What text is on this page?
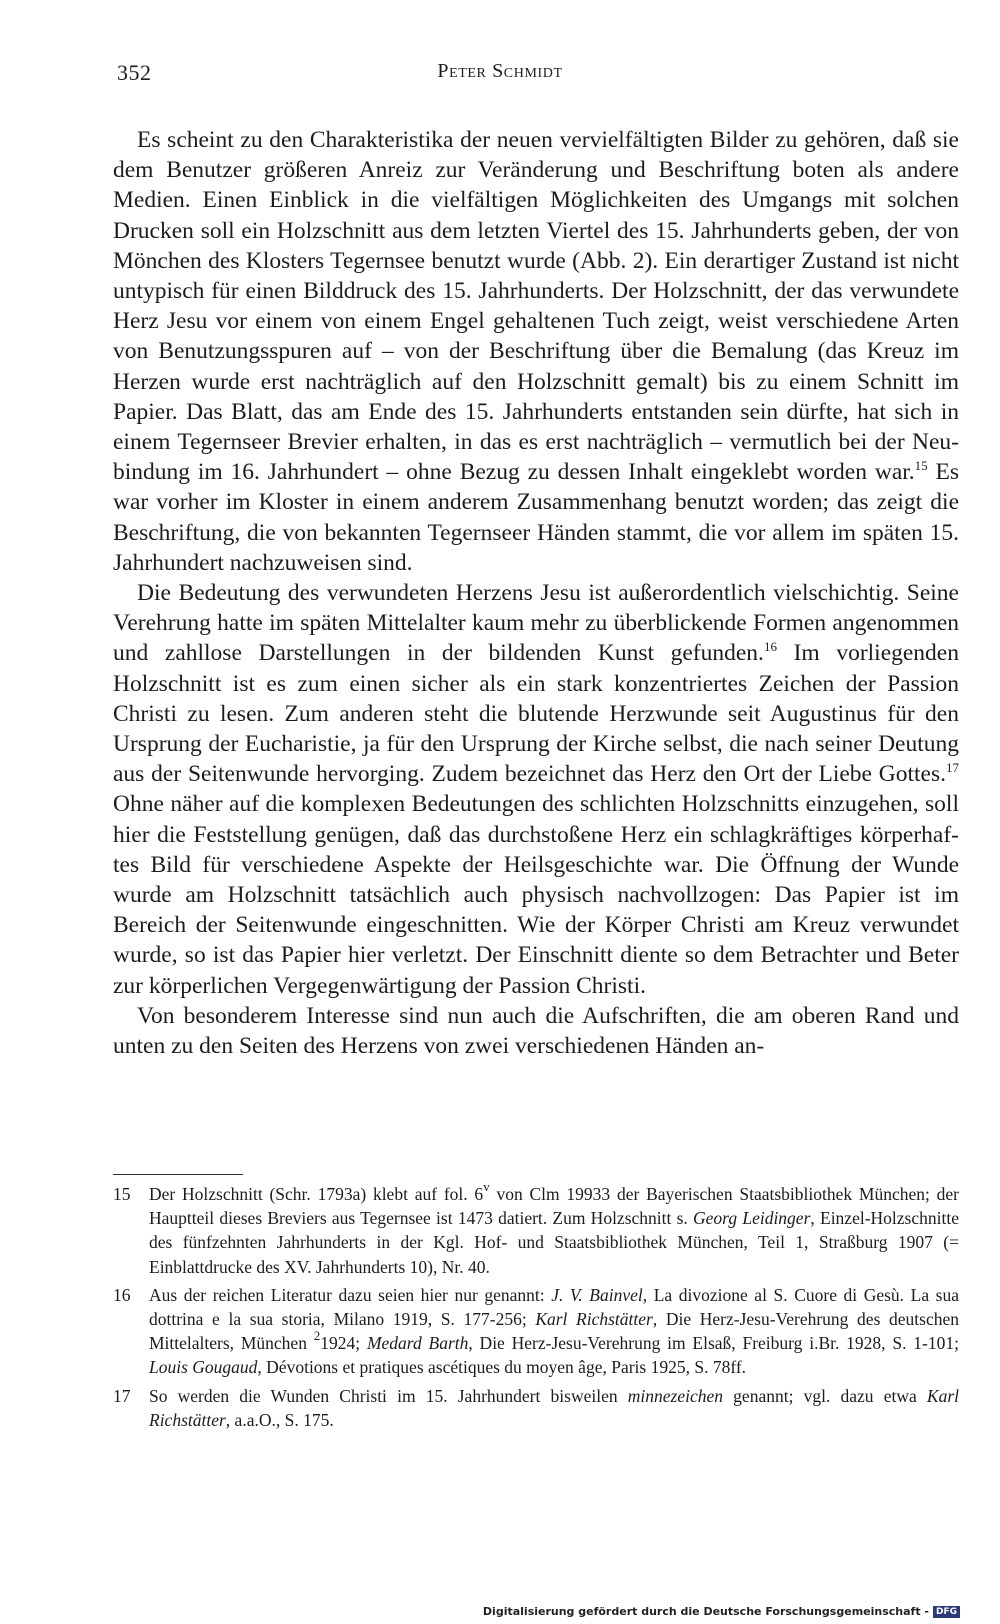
352	Peter Schmidt

Es scheint zu den Charakteristika der neuen vervielfältigten Bilder zu gehören, daß sie dem Benutzer größeren Anreiz zur Veränderung und Beschriftung boten als andere Medien. Einen Einblick in die vielfältigen Möglichkeiten des Umgangs mit solchen Drucken soll ein Holzschnitt aus dem letzten Viertel des 15. Jahrhunderts geben, der von Mönchen des Klosters Tegernsee benutzt wurde (Abb. 2). Ein derartiger Zustand ist nicht untypisch für einen Bilddruck des 15. Jahrhunderts. Der Holzschnitt, der das verwundete Herz Jesu vor einem von einem Engel gehaltenen Tuch zeigt, weist verschiedene Arten von Benutzungsspuren auf – von der Beschriftung über die Bemalung (das Kreuz im Herzen wurde erst nachträglich auf den Holzschnitt gemalt) bis zu einem Schnitt im Papier. Das Blatt, das am Ende des 15. Jahrhunderts entstanden sein dürfte, hat sich in einem Tegernseer Brevier erhalten, in das es erst nachträglich – vermutlich bei der Neubindung im 16. Jahrhundert – ohne Bezug zu dessen Inhalt eingeklebt worden war.$^{15}$ Es war vorher im Kloster in einem anderem Zusammenhang benutzt worden; das zeigt die Beschriftung, die von bekannten Tegernseer Händen stammt, die vor allem im späten 15. Jahrhundert nachzuweisen sind.

Die Bedeutung des verwundeten Herzens Jesu ist außerordentlich vielschichtig. Seine Verehrung hatte im späten Mittelalter kaum mehr zu überblickende Formen angenommen und zahllose Darstellungen in der bildenden Kunst gefunden.$^{16}$ Im vorliegenden Holzschnitt ist es zum einen sicher als ein stark konzentriertes Zeichen der Passion Christi zu lesen. Zum anderen steht die blutende Herzwunde seit Augustinus für den Ursprung der Eucharistie, ja für den Ursprung der Kirche selbst, die nach seiner Deutung aus der Seitenwunde hervorging. Zudem bezeichnet das Herz den Ort der Liebe Gottes.$^{17}$ Ohne näher auf die komplexen Bedeutungen des schlichten Holzschnitts einzugehen, soll hier die Feststellung genügen, daß das durchstoßene Herz ein schlagkräftiges körperhaftes Bild für verschiedene Aspekte der Heilsgeschichte war. Die Öffnung der Wunde wurde am Holzschnitt tatsächlich auch physisch nachvollzogen: Das Papier ist im Bereich der Seitenwunde eingeschnitten. Wie der Körper Christi am Kreuz verwundet wurde, so ist das Papier hier verletzt. Der Einschnitt diente so dem Betrachter und Beter zur körperlichen Vergegenwärtigung der Passion Christi.

Von besonderem Interesse sind nun auch die Aufschriften, die am oberen Rand und unten zu den Seiten des Herzens von zwei verschiedenen Händen an-

15 Der Holzschnitt (Schr. 1793a) klebt auf fol. 6$^v$ von Clm 19933 der Bayerischen Staatsbibliothek München; der Hauptteil dieses Breviers aus Tegernsee ist 1473 datiert. Zum Holzschnitt s. Georg Leidinger, Einzel-Holzschnitte des fünfzehnten Jahrhunderts in der Kgl. Hof- und Staatsbibliothek München, Teil 1, Straßburg 1907 (= Einblattdrucke des XV. Jahrhunderts 10), Nr. 40.
16 Aus der reichen Literatur dazu seien hier nur genannt: J. V. Bainvel, La divozione al S. Cuore di Gesù. La sua dottrina e la sua storia, Milano 1919, S. 177-256; Karl Richstätter, Die Herz-Jesu-Verehrung des deutschen Mittelalters, München $^2$1924; Medard Barth, Die Herz-Jesu-Verehrung im Elsaß, Freiburg i.Br. 1928, S. 1-101; Louis Gougaud, Dévotions et pratiques ascétiques du moyen âge, Paris 1925, S. 78ff.
17 So werden die Wunden Christi im 15. Jahrhundert bisweilen minnezeichen genannt; vgl. dazu etwa Karl Richstätter, a.a.O., S. 175.
Digitalisierung gefördert durch die Deutsche Forschungsgemeinschaft - DFG
